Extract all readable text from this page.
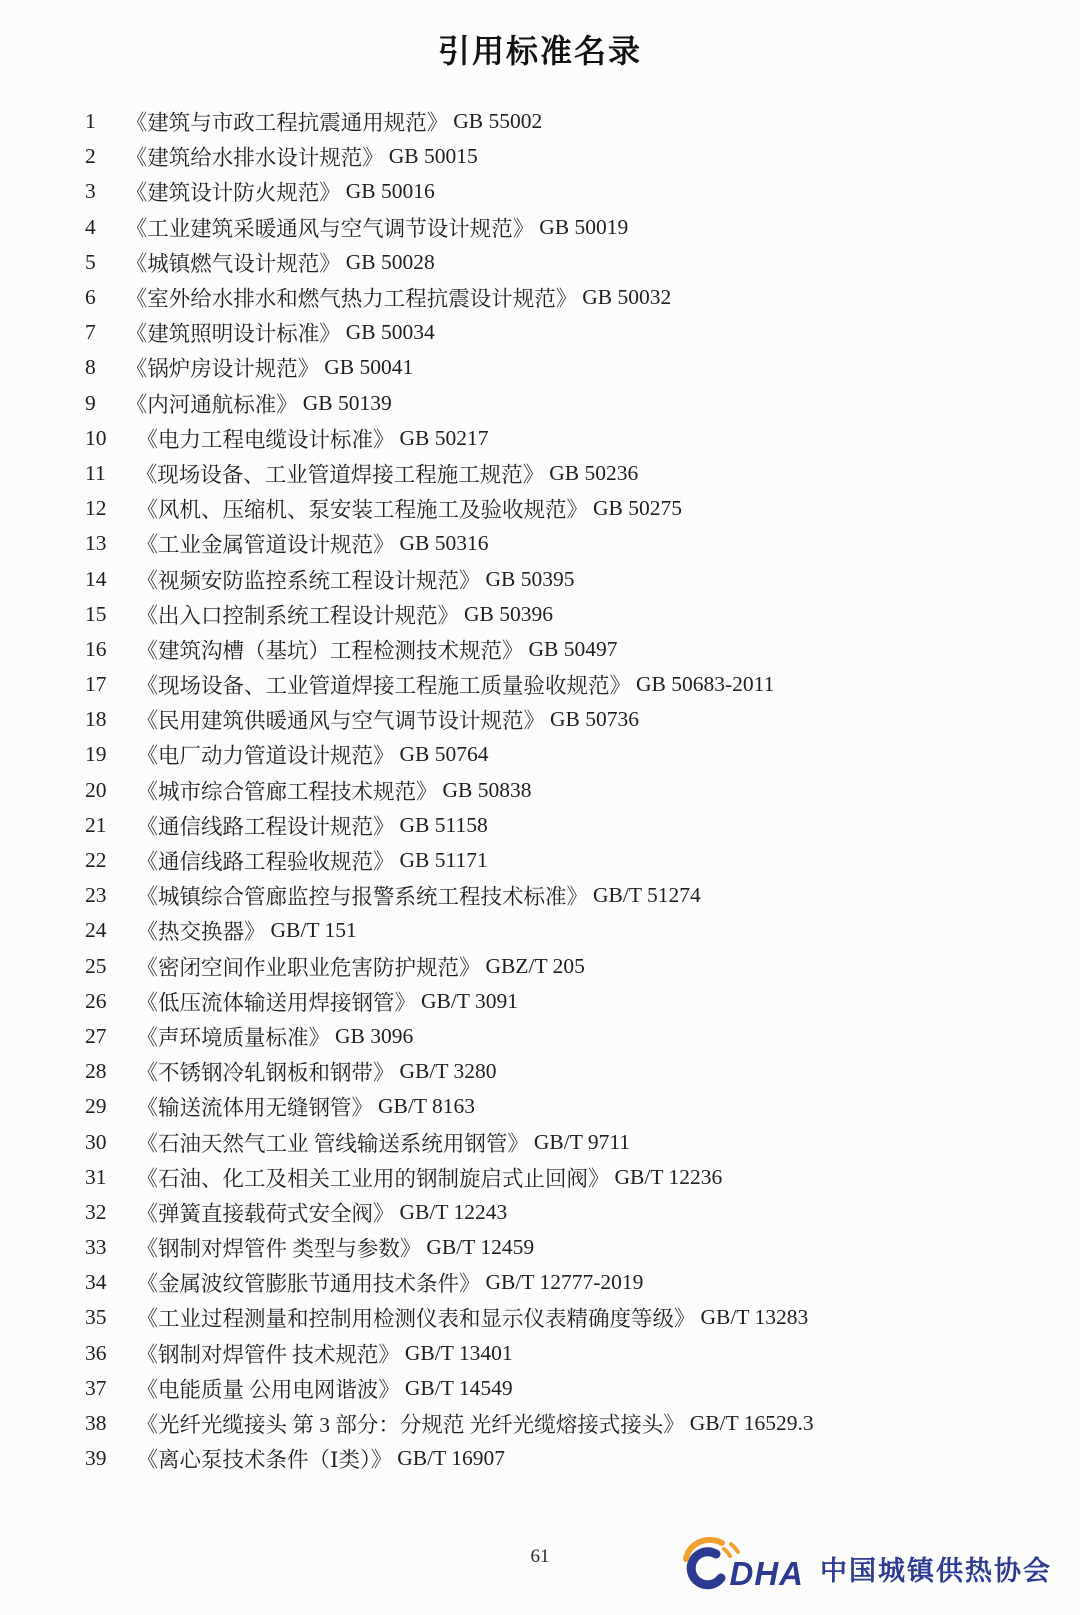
引用标准名录
1 《建筑与市政工程抗震通用规范》 GB 55002
2 《建筑给水排水设计规范》 GB 50015
3 《建筑设计防火规范》 GB 50016
4 《工业建筑采暖通风与空气调节设计规范》 GB 50019
5 《城镇燃气设计规范》 GB 50028
6 《室外给水排水和燃气热力工程抗震设计规范》 GB 50032
7 《建筑照明设计标准》 GB 50034
8 《锅炉房设计规范》 GB 50041
9 《内河通航标准》 GB 50139
10 《电力工程电缆设计标准》 GB 50217
11 《现场设备、工业管道焊接工程施工规范》 GB 50236
12 《风机、压缩机、泵安装工程施工及验收规范》 GB 50275
13 《工业金属管道设计规范》 GB 50316
14 《视频安防监控系统工程设计规范》 GB 50395
15 《出入口控制系统工程设计规范》 GB 50396
16 《建筑沟槽（基坑）工程检测技术规范》 GB 50497
17 《现场设备、工业管道焊接工程施工质量验收规范》 GB 50683-2011
18 《民用建筑供暖通风与空气调节设计规范》 GB 50736
19 《电厂动力管道设计规范》 GB 50764
20 《城市综合管廊工程技术规范》 GB 50838
21 《通信线路工程设计规范》 GB 51158
22 《通信线路工程验收规范》 GB 51171
23 《城镇综合管廊监控与报警系统工程技术标准》 GB/T 51274
24 《热交换器》 GB/T 151
25 《密闭空间作业职业危害防护规范》 GBZ/T 205
26 《低压流体输送用焊接钢管》 GB/T 3091
27 《声环境质量标准》 GB 3096
28 《不锈钢冷轧钢板和钢带》 GB/T 3280
29 《输送流体用无缝钢管》 GB/T 8163
30 《石油天然气工业 管线输送系统用钢管》 GB/T 9711
31 《石油、化工及相关工业用的钢制旋启式止回阀》 GB/T 12236
32 《弹簧直接载荷式安全阀》 GB/T 12243
33 《钢制对焊管件 类型与参数》 GB/T 12459
34 《金属波纹管膨胀节通用技术条件》 GB/T 12777-2019
35 《工业过程测量和控制用检测仪表和显示仪表精确度等级》 GB/T 13283
36 《钢制对焊管件 技术规范》 GB/T 13401
37 《电能质量 公用电网谐波》 GB/T 14549
38 《光纤光缆接头 第 3 部分：分规范 光纤光缆熔接式接头》 GB/T 16529.3
39 《离心泵技术条件（Ⅰ类）》 GB/T 16907
61	DHA 中国城镇供热协会
